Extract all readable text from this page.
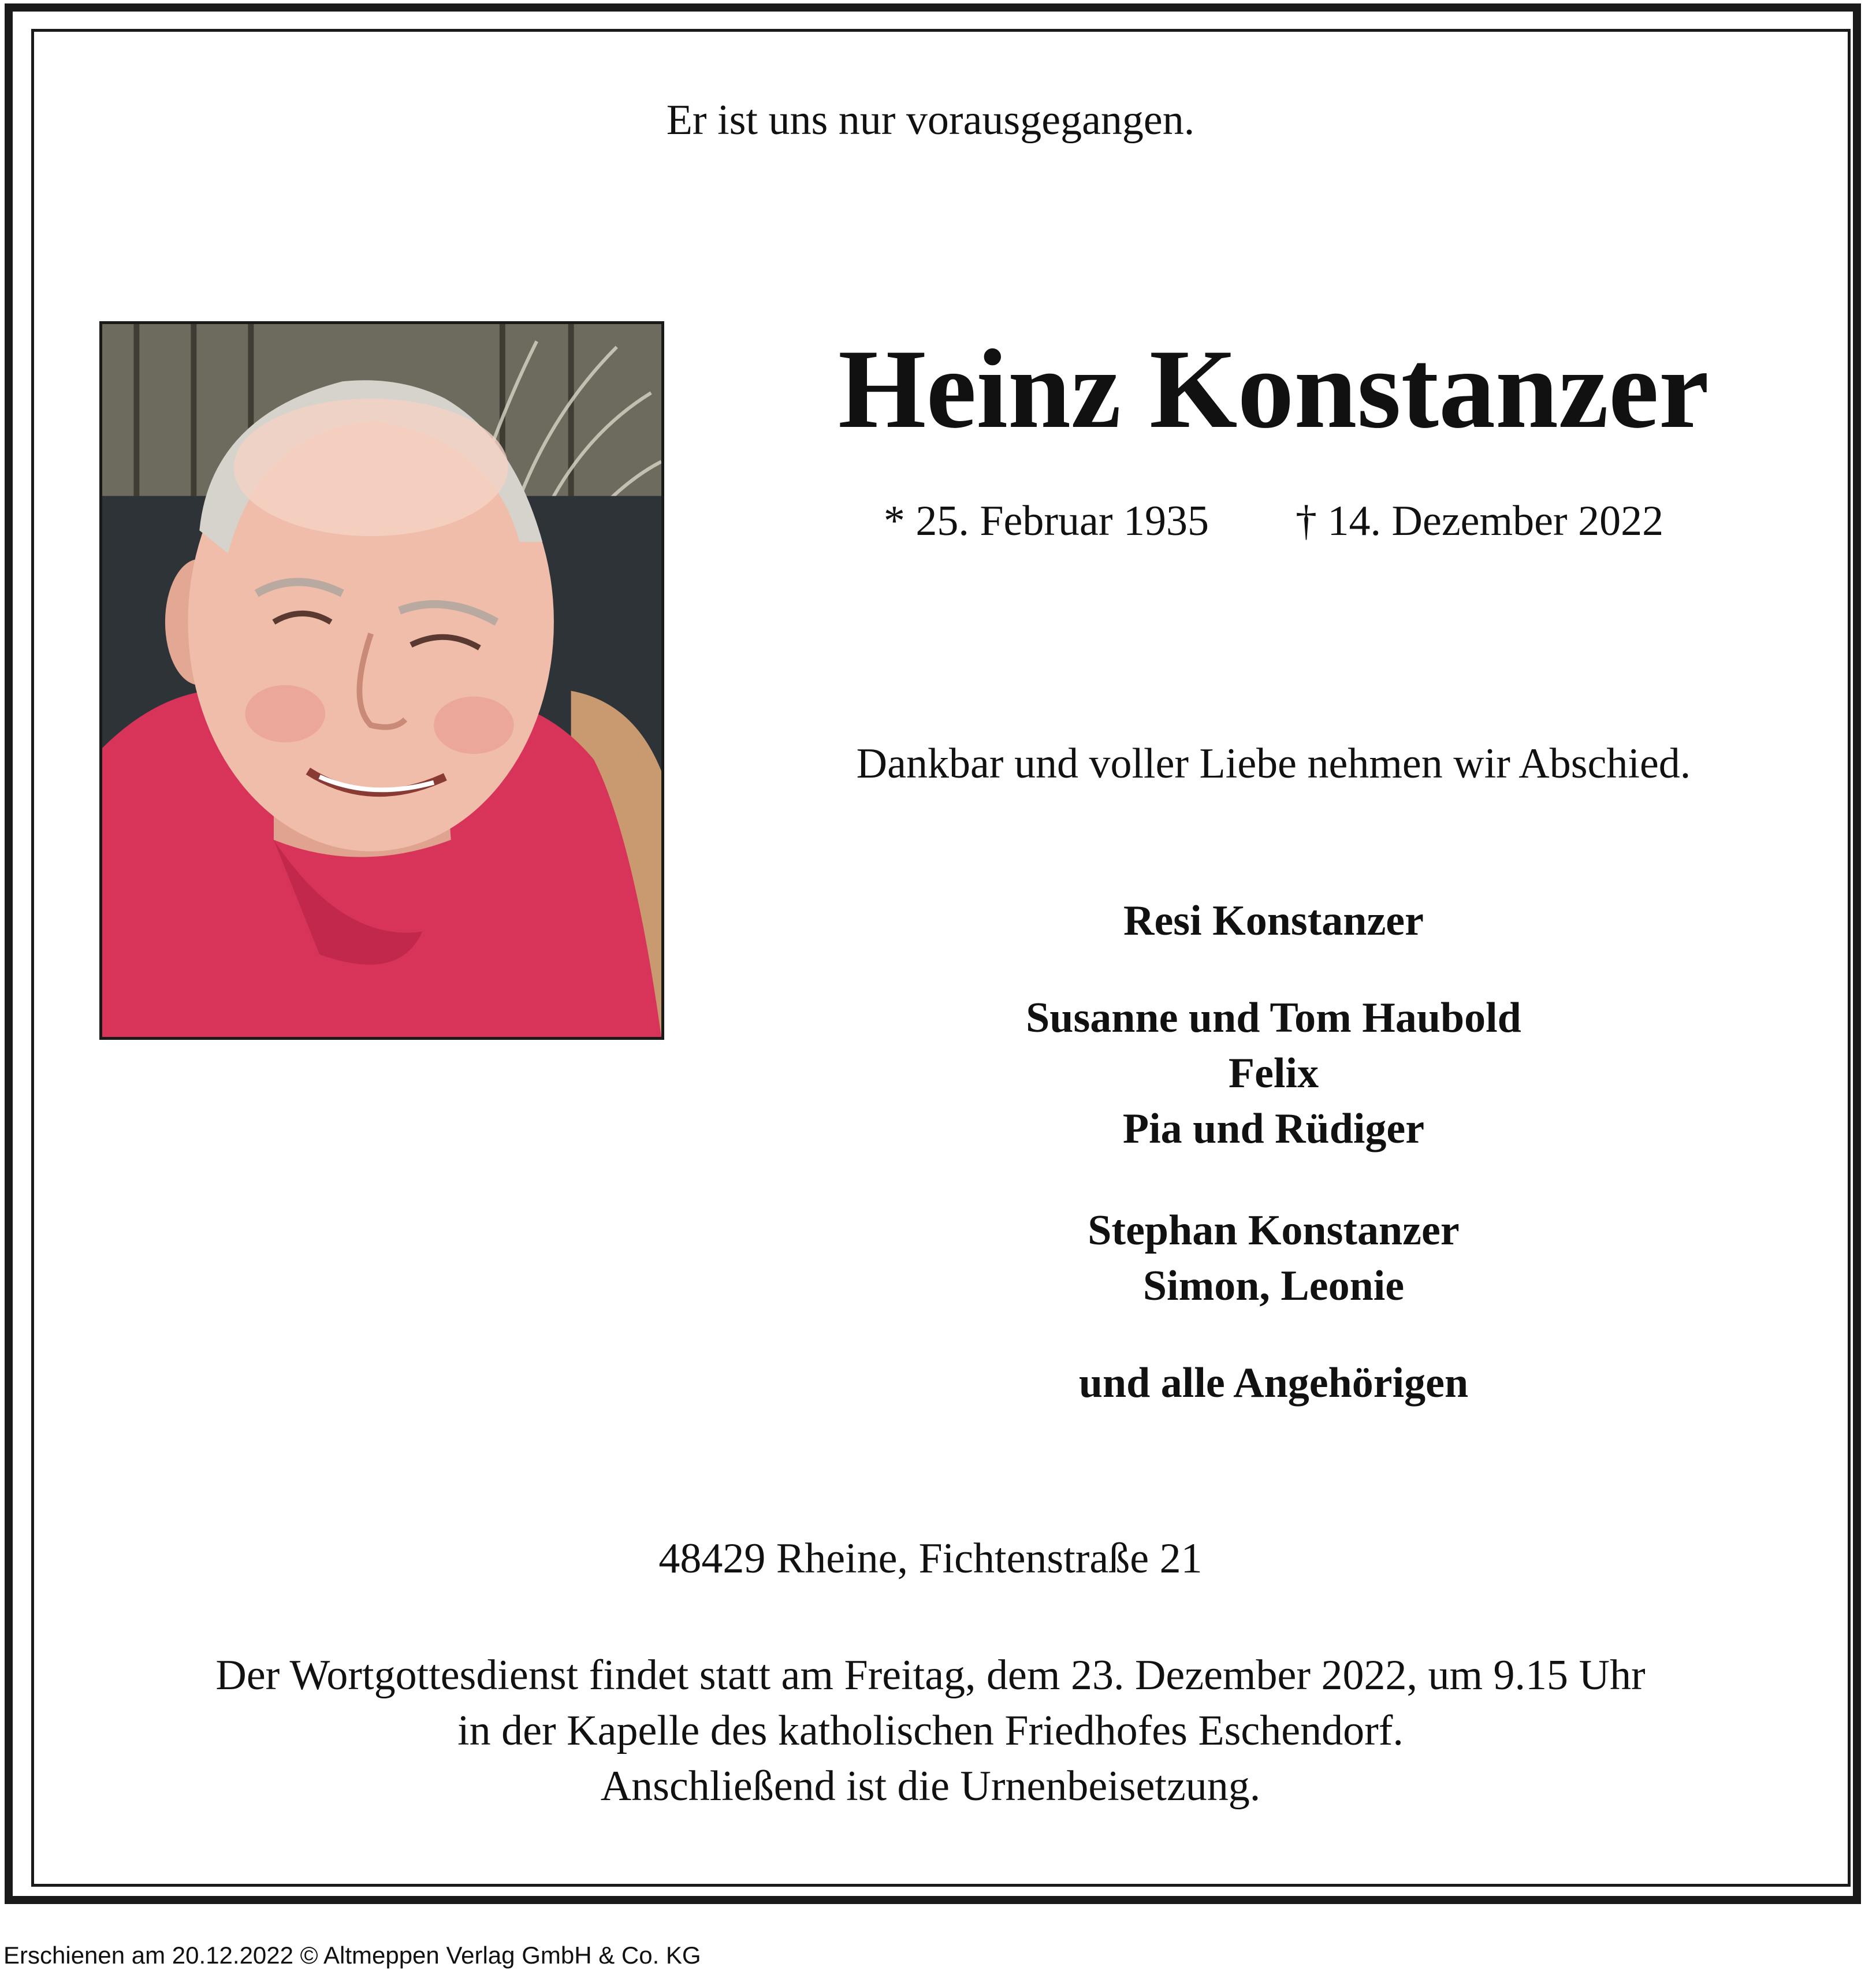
Er ist uns nur vorausgegangen.

Heinz Konstanzer

* 25. Februar 1935 † 14. Dezember 2022

Dankbar und voller Liebe nehmen wir Abschied.

Resi Konstanzer
Susanne und Tom Haubold
Felix
Pia und Rüdiger
Stephan Konstanzer
Simon, Leonie
und alle Angehörigen

48429 Rheine, Fichtenstraße 21

Der Wortgottesdienst findet statt am Freitag, dem 23. Dezember 2022, um 9.15 Uhr
in der Kapelle des katholischen Friedhofes Eschendorf.
Anschließend ist die Urnenbeisetzung.

Erschienen am 20.12.2022 © Altmeppen Verlag GmbH & Co. KG
